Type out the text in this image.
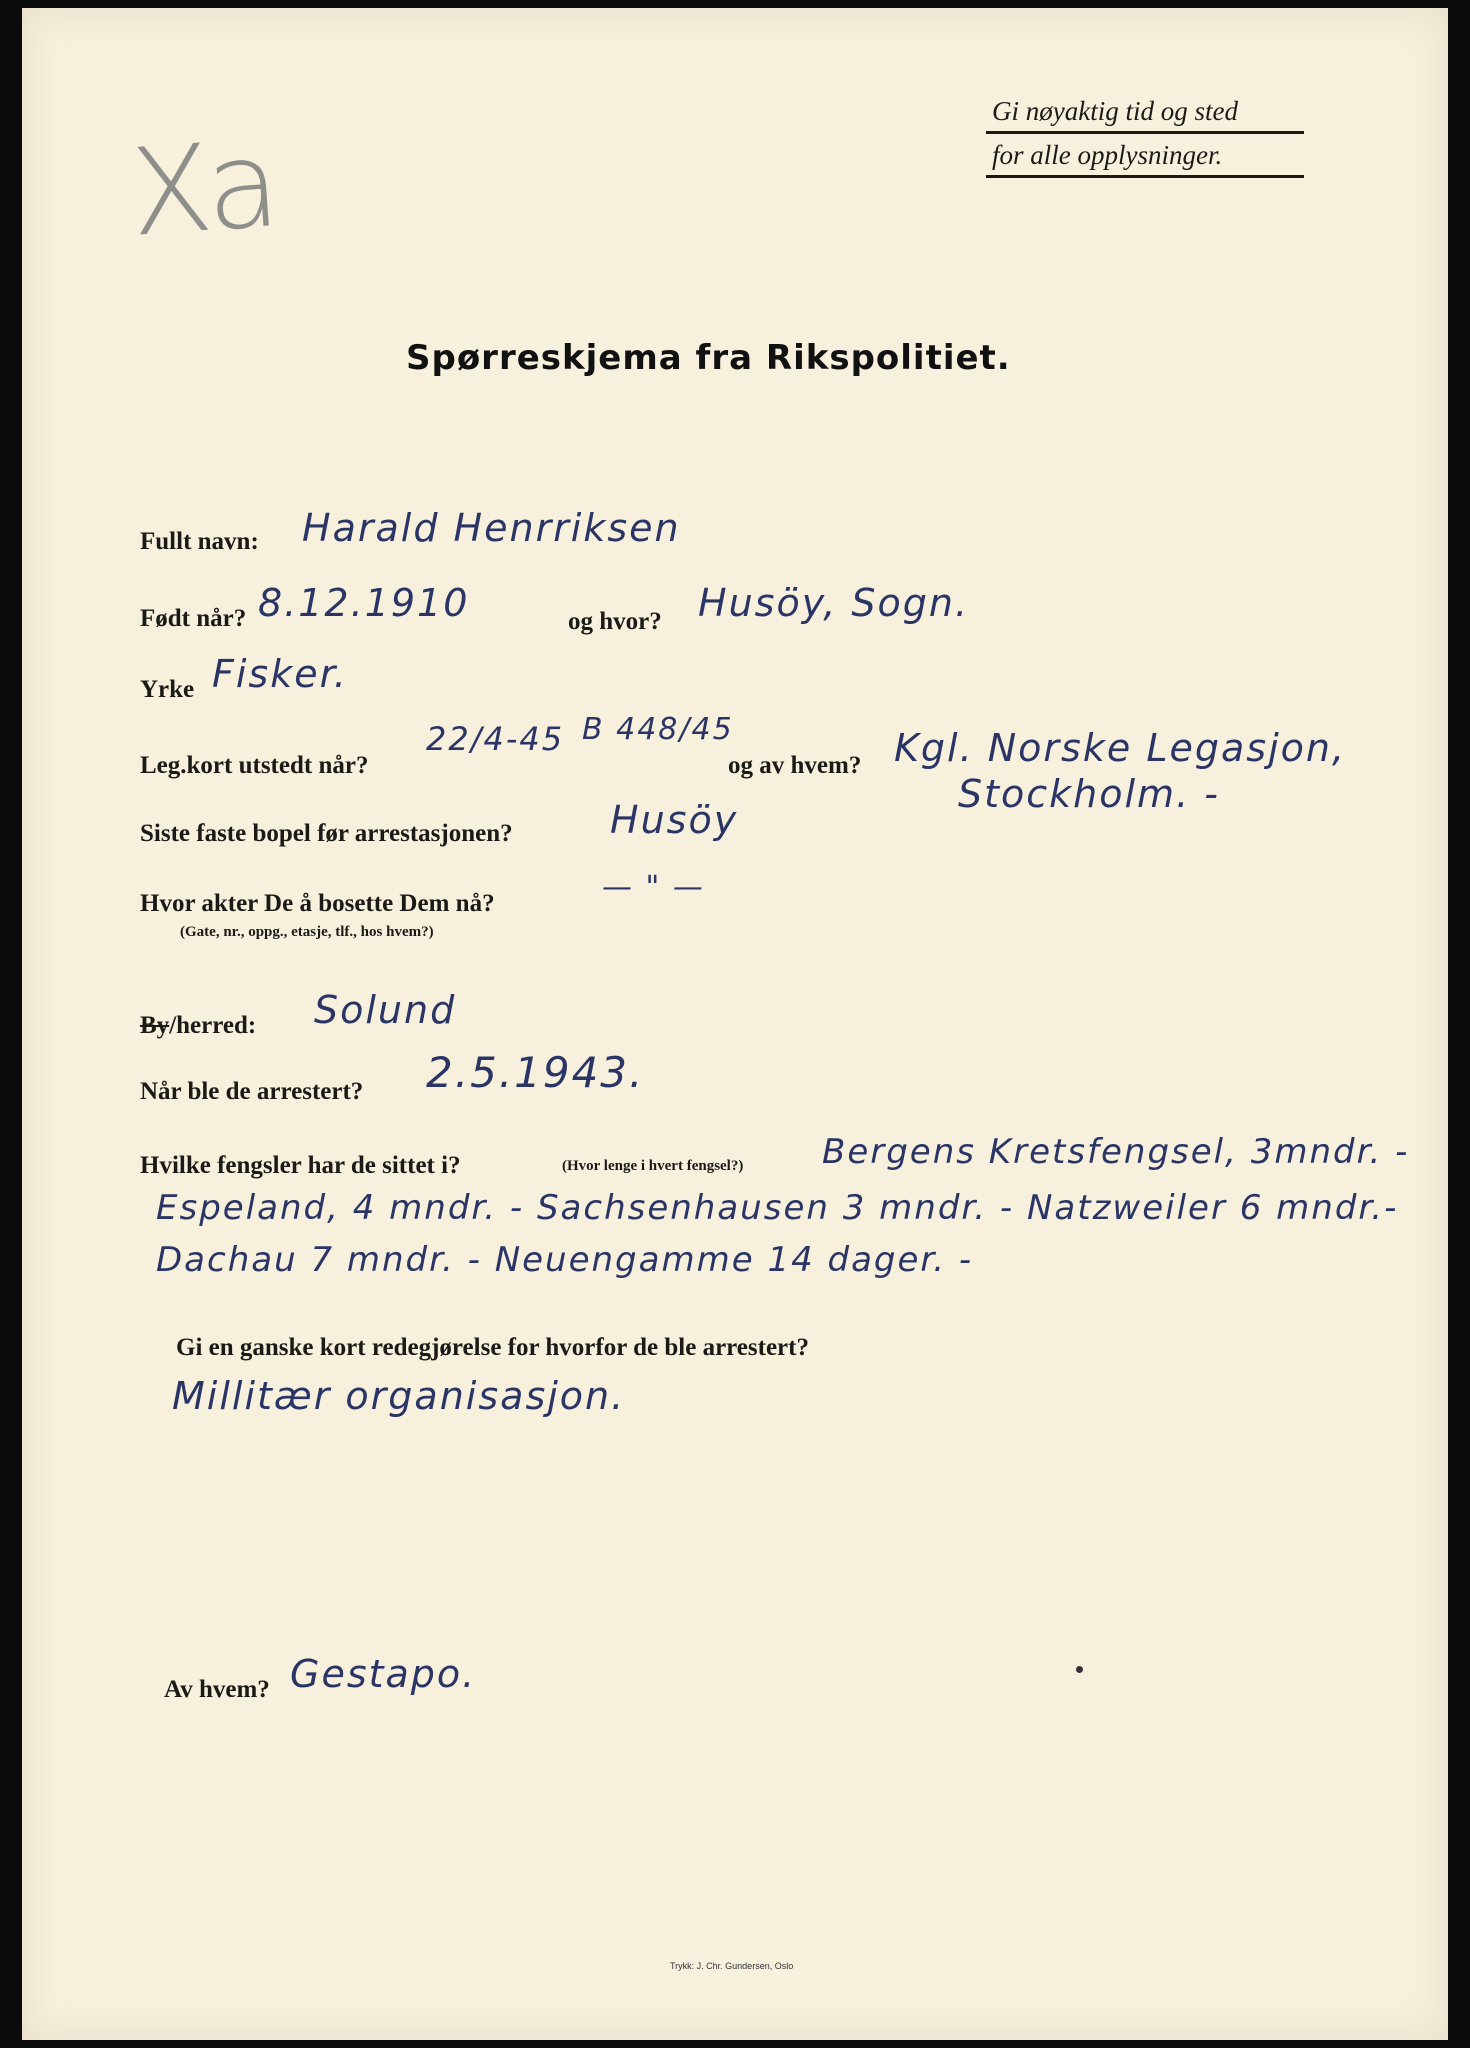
Gi nøyaktig tid og sted
for alle opplysninger.
Xa
Spørreskjema fra Rikspolitiet.
Fullt navn: Harald Henrriksen
Født når? 8.12.1910	og hvor? Husöy, Sogn.
Yrke Fisker.
Leg.kort utstedt når?
22/4-45 B 448/45
og av hvem? Kgl. Norske Legasjon,
Stockholm. -
Siste faste bopel før arrestasjonen?	Husöy
Hvor akter De å bosette Dem nå?	— " —
(Gate, nr., oppg., etasje, tlf., hos hvem?)
By/herred: Solund
Når ble de arrestert? 2.5.1943.
Hvilke fengsler har de sittet i?	(Hvor lenge i hvert fengsel?) Bergens Kretsfengsel, 3mndr. -
Espeland, 4 mndr. - Sachsenhausen 3 mndr. - Natzweiler 6 mndr.-
Dachau 7 mndr. - Neuengamme 14 dager. -
Gi en ganske kort redegjørelse for hvorfor de ble arrestert?
Millitær organisasjon.
Av hvem? Gestapo.
Trykk: J. Chr. Gundersen, Oslo
